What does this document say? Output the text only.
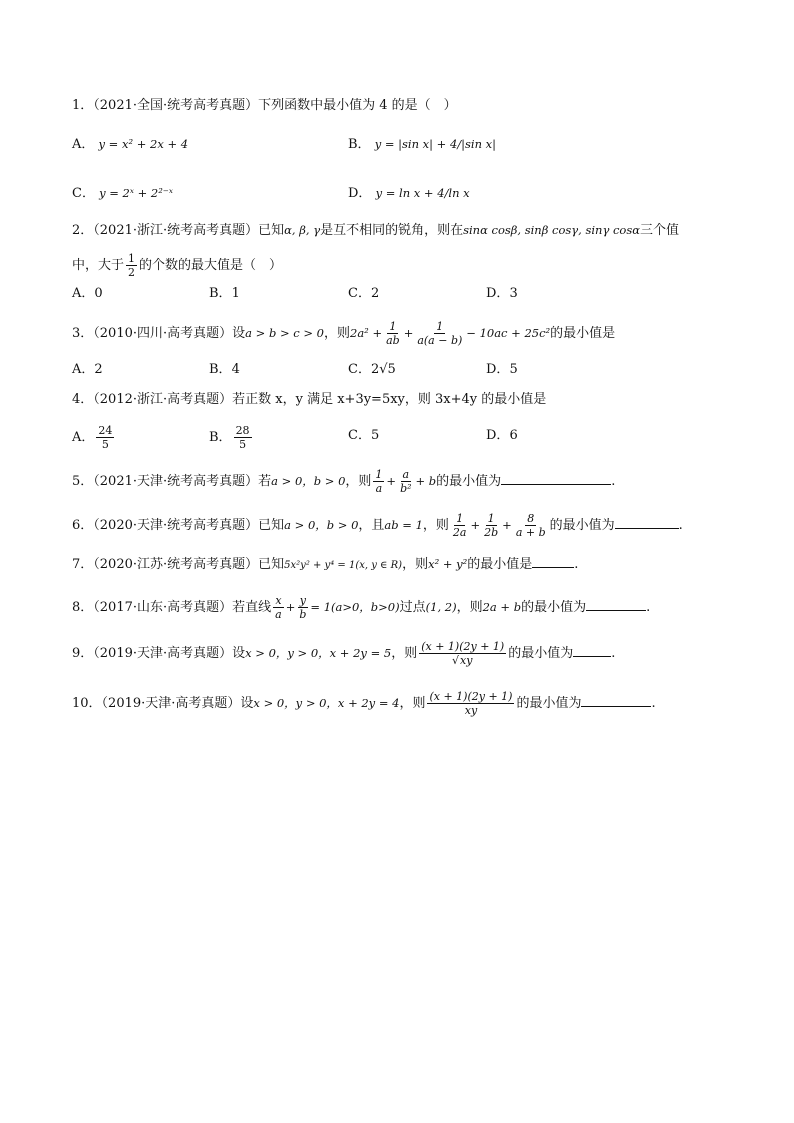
1．（2021·全国·统考高考真题）下列函数中最小值为 4 的是（　）
A． y = x² + 2x + 4	B． y = |sin x| + 4/|sin x|
C． y = 2ˣ + 2²⁻ˣ	D． y = ln x + 4/ln x
2．（2021·浙江·统考高考真题）已知α, β, γ是互不相同的锐角，则在sinα cosβ, sinβ cosγ, sinγ cosα三个值
中，大于 $\frac{1}{2}$ 的个数的最大值是（　）
A．0	B．1	C．2	D．3
3．（2010·四川·高考真题）设a > b > c > 0，则$2a^2 + \frac{1}{ab} + \frac{1}{a(a - b)} - 10ac + 25c^2$的最小值是
A．2	B．4	C．2√5	D．5
4．（2012·浙江·高考真题）若正数 x，y 满足 x+3y=5xy，则 3x+4y 的最小值是
A． $\frac{24}{5}$	B． $\frac{28}{5}$	C．5	D．6
5．（2021·天津·统考高考真题）若a > 0，b > 0，则 $\frac{1}{a} + \frac{a}{\text{b²}} + b$的最小值为	.
6．（2020·天津·统考高考真题）已知a > 0，b > 0，且ab = 1，则 $\frac{1}{2a} + \frac{1}{2b} + \frac{8}{a + b}$ 的最小值为	.
7．（2020·江苏·统考高考真题）已知5x²y² + y⁴ = 1(x, y ∈ R)，则x² + y²的最小值是	.
8．（2017·山东·高考真题）若直线 $\frac{x}{a} + \frac{y}{b} = 1(a>0$，b>0)过点(1, 2)，则2a + b的最小值为	.
9．（2019·天津·高考真题）设x > 0，y > 0，x + 2y = 5，则 $\frac{(x + 1)(2y + 1)}{√xy}$ 的最小值为	.
10．（2019·天津·高考真题）设x > 0，y > 0，x + 2y = 4，则 $\frac{(x + 1)(2y + 1)}{xy}$ 的最小值为	.
